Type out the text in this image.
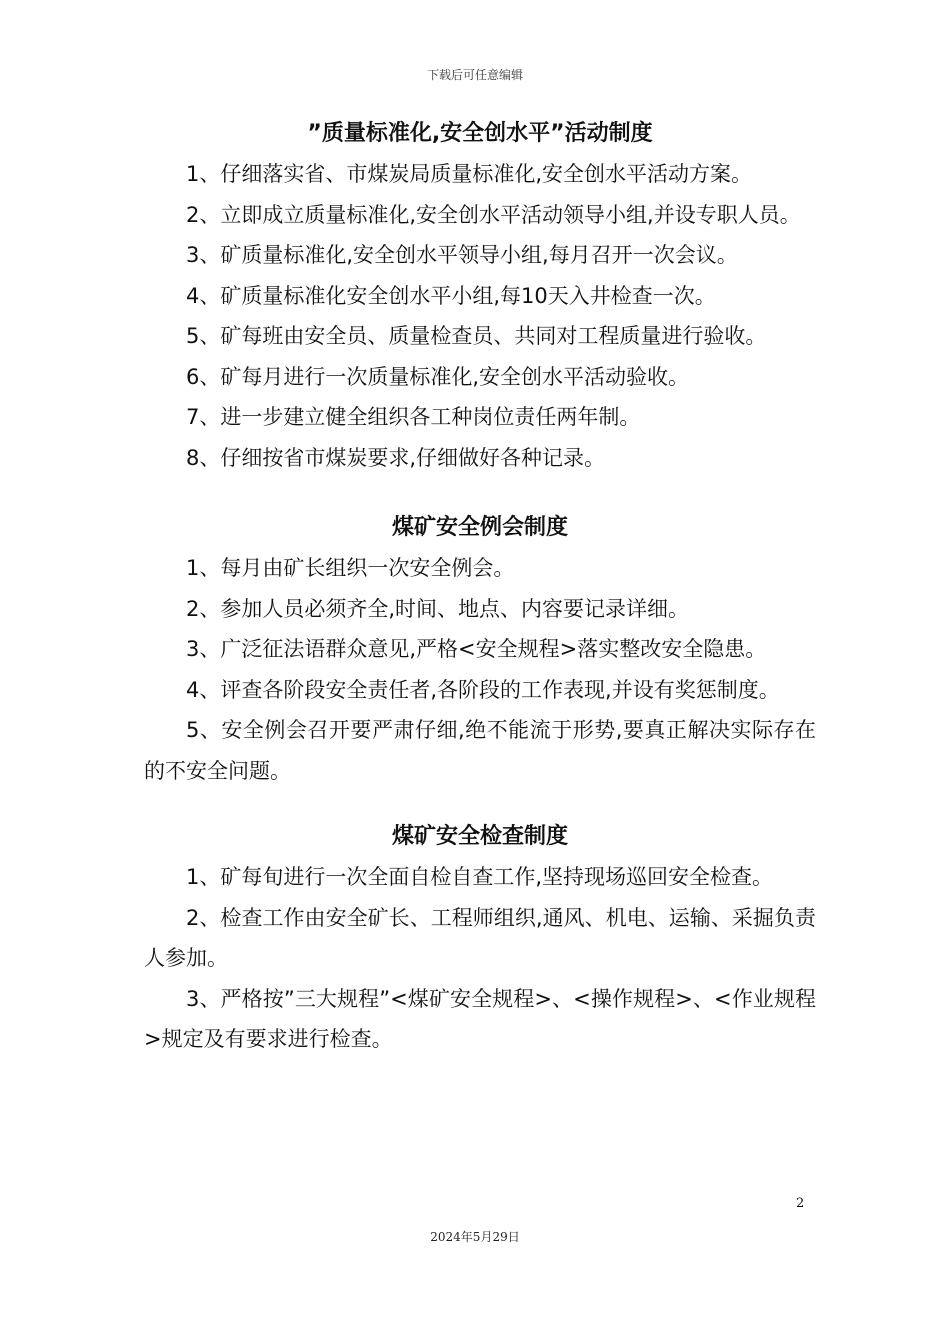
下载后可任意编辑
”质量标准化,安全创水平”活动制度

1、仔细落实省、市煤炭局质量标准化,安全创水平活动方案。

2、立即成立质量标准化,安全创水平活动领导小组,并设专职人员。

3、矿质量标准化,安全创水平领导小组,每月召开一次会议。

4、矿质量标准化安全创水平小组,每10天入井检查一次。

5、矿每班由安全员、质量检查员、共同对工程质量进行验收。

6、矿每月进行一次质量标准化,安全创水平活动验收。

7、进一步建立健全组织各工种岗位责任两年制。

8、仔细按省市煤炭要求,仔细做好各种记录。

煤矿安全例会制度

1、每月由矿长组织一次安全例会。

2、参加人员必须齐全,时间、地点、内容要记录详细。

3、广泛征法语群众意见,严格<安全规程>落实整改安全隐患。

4、评查各阶段安全责任者,各阶段的工作表现,并设有奖惩制度。

5、安全例会召开要严肃仔细,绝不能流于形势,要真正解决实际存在的不安全问题。

煤矿安全检查制度

1、矿每旬进行一次全面自检自查工作,坚持现场巡回安全检查。

2、检查工作由安全矿长、工程师组织,通风、机电、运输、采掘负责人参加。

3、严格按”三大规程”<煤矿安全规程>、<操作规程>、<作业规程>规定及有要求进行检查。

2
2024年5月29日
